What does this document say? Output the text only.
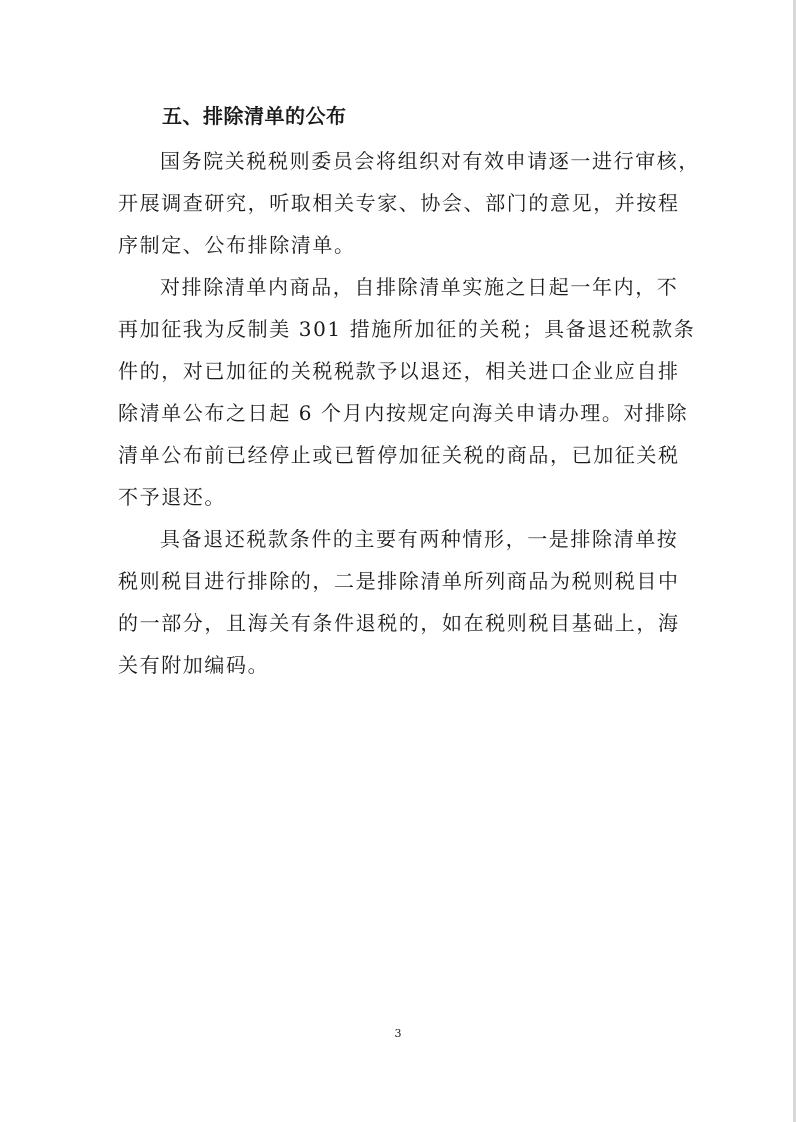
五、排除清单的公布
国务院关税税则委员会将组织对有效申请逐一进行审核，
开展调查研究，听取相关专家、协会、部门的意见，并按程
序制定、公布排除清单。
对排除清单内商品，自排除清单实施之日起一年内，不
再加征我为反制美 301 措施所加征的关税；具备退还税款条
件的，对已加征的关税税款予以退还，相关进口企业应自排
除清单公布之日起 6 个月内按规定向海关申请办理。对排除
清单公布前已经停止或已暂停加征关税的商品，已加征关税
不予退还。
具备退还税款条件的主要有两种情形，一是排除清单按
税则税目进行排除的，二是排除清单所列商品为税则税目中
的一部分，且海关有条件退税的，如在税则税目基础上，海
关有附加编码。
3
